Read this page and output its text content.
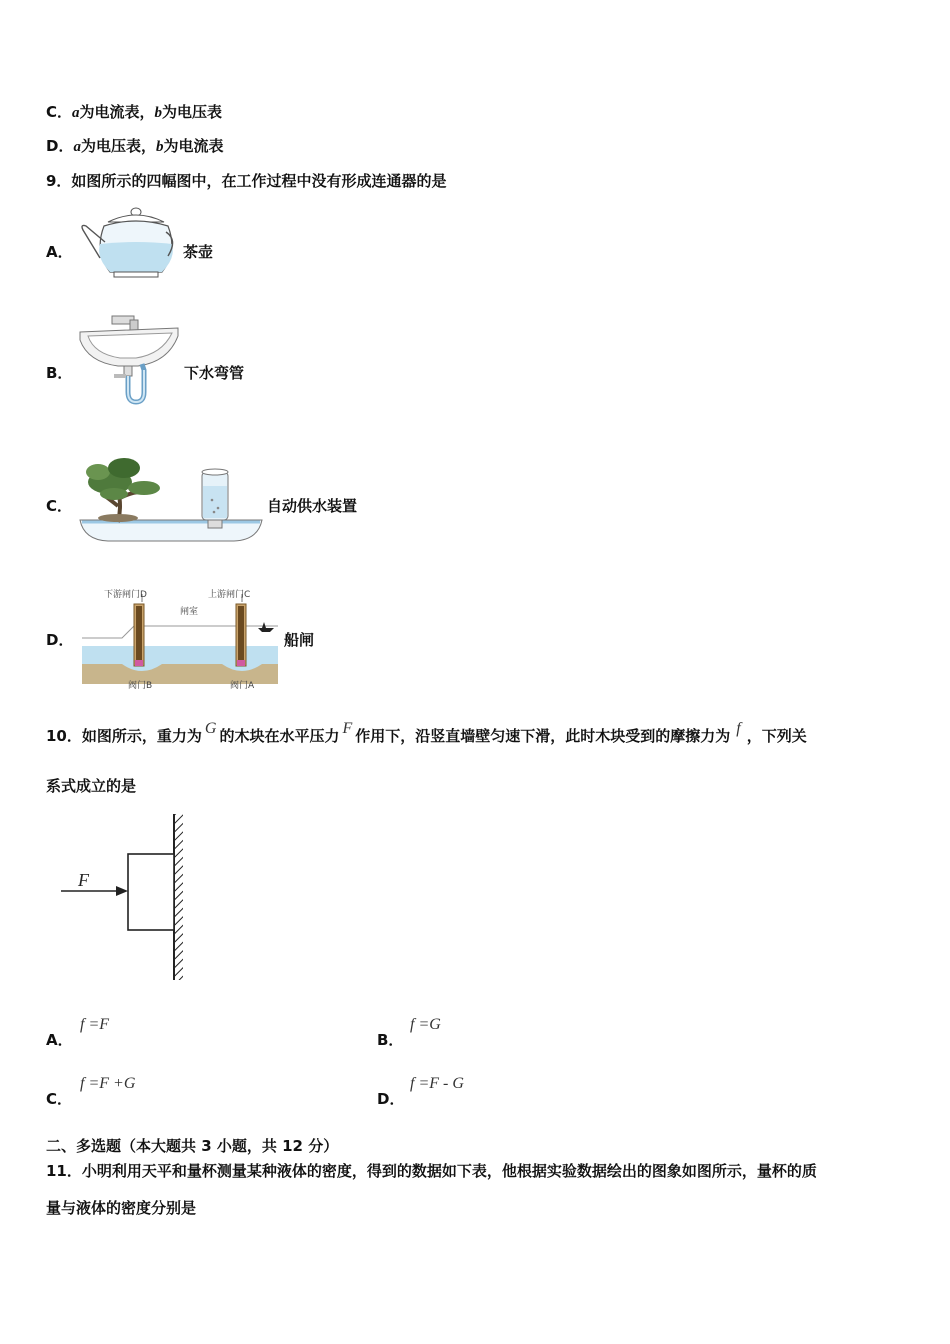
C．a为电流表，b为电压表
D．a为电压表，b为电流表
9．如图所示的四幅图中，在工作过程中没有形成连通器的是
A．	茶壶
B．	下水弯管
C．	自动供水装置
D．
下游闸门D	上游闸门C
闸室
阀门B	阀门A
船闸
10．如图所示，重力为 G 的木块在水平压力 F 作用下，沿竖直墙壁匀速下滑，此时木块受到的摩擦力为 f ，下列关
系式成立的是
F
A．
f =F
B．
f =G
C．
f =F +G
D．
f =F - G
二、多选题（本大题共 3 小题，共 12 分）
11．小明利用天平和量杯测量某种液体的密度，得到的数据如下表，他根据实验数据绘出的图象如图所示，量杯的质
量与液体的密度分别是
